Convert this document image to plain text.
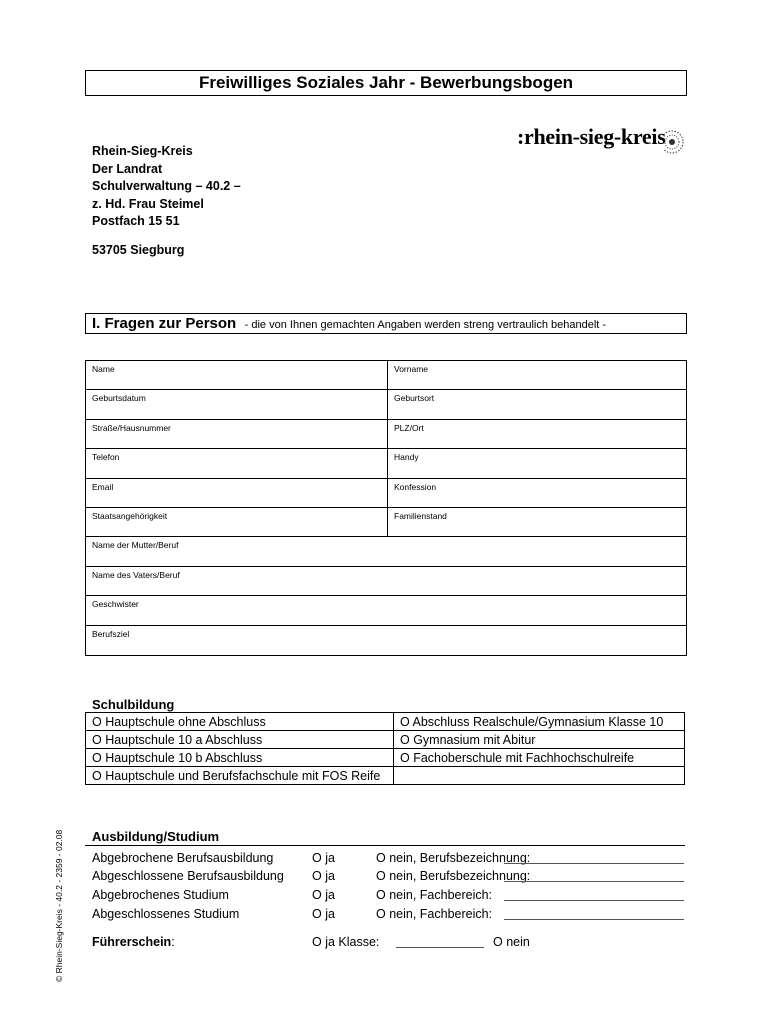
Freiwilliges Soziales Jahr - Bewerbungsbogen
:rhein-sieg-kreis
Rhein-Sieg-Kreis
Der Landrat
Schulverwaltung – 40.2 –
z. Hd. Frau Steimel
Postfach 15 51
53705 Siegburg
I. Fragen zur Person - die von Ihnen gemachten Angaben werden streng vertraulich behandelt -
Name	Vorname
Geburtsdatum	Geburtsort
Straße/Hausnummer	PLZ/Ort
Telefon	Handy
Email	Konfession
Staatsangehörigkeit	Familienstand
Name der Mutter/Beruf
Name des Vaters/Beruf
Geschwister
Berufsziel
Schulbildung
O Hauptschule ohne Abschluss	O Abschluss Realschule/Gymnasium Klasse 10
O Hauptschule 10 a Abschluss	O Gymnasium mit Abitur
O Hauptschule 10 b Abschluss	O Fachoberschule mit Fachhochschulreife
O Hauptschule und Berufsfachschule mit FOS Reife	
Ausbildung/Studium
Abgebrochene Berufsausbildung	O ja	O nein, Berufsbezeichnung:
Abgeschlossene Berufsausbildung O ja	O nein, Berufsbezeichnung:
Abgebrochenes Studium	O ja	O nein, Fachbereich:
Abgeschlossenes Studium	O ja	O nein, Fachbereich:
Führerschein:	O ja Klasse:	O nein
© Rhein-Sieg-Kreis - 40.2 - 2359 - 02.08
